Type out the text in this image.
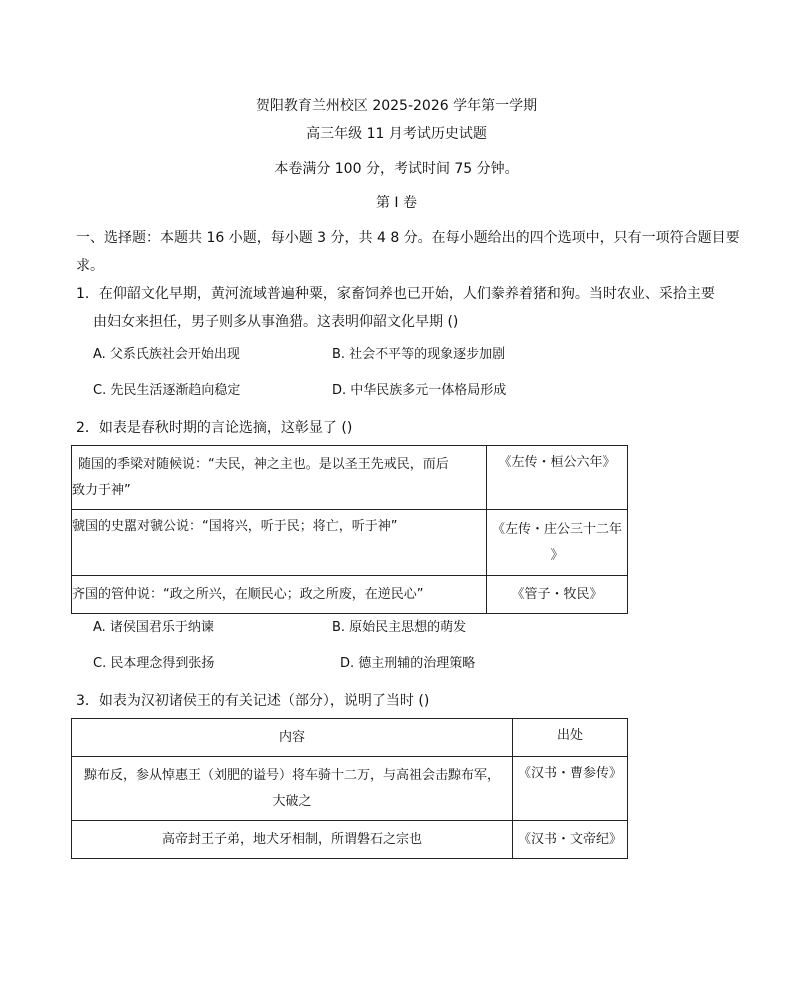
贺阳教育兰州校区 2025-2026 学年第一学期
高三年级 11 月考试历史试题
本卷满分 100 分，考试时间 75 分钟。
第 I 卷
一、选择题：本题共 16 小题，每小题 3 分，共 4 8 分。在每小题给出的四个选项中，只有一项符合题目要
求。
1．在仰韶文化早期，黄河流域普遍种粟，家畜饲养也已开始，人们豢养着猪和狗。当时农业、采拾主要
由妇女来担任，男子则多从事渔猎。这表明仰韶文化早期 ()
A. 父系氏族社会开始出现	B. 社会不平等的现象逐步加剧
C. 先民生活逐渐趋向稳定	D. 中华民族多元一体格局形成
2．如表是春秋时期的言论选摘，这彰显了 ()
随国的季梁对随候说：“夫民，神之主也。是以圣王先戒民，而后
致力于神”	《左传・桓公六年》
虢国的史嚚对虢公说：“国将兴，听于民；将亡，听于神”	《左传・庄公三十二年
》

齐国的管仲说：“政之所兴，在顺民心；政之所废，在逆民心”	《管子・牧民》
A. 诸侯国君乐于纳谏	B. 原始民主思想的萌发
C. 民本理念得到张扬	D. 德主刑辅的治理策略
3．如表为汉初诸侯王的有关记述（部分），说明了当时 ()
内容	出处

黥布反，参从悼惠王（刘肥的谥号）将车骑十二万，与高祖会击黥布军，
大破之	《汉书・曹参传》
高帝封王子弟，地犬牙相制，所谓磐石之宗也	《汉书・文帝纪》
